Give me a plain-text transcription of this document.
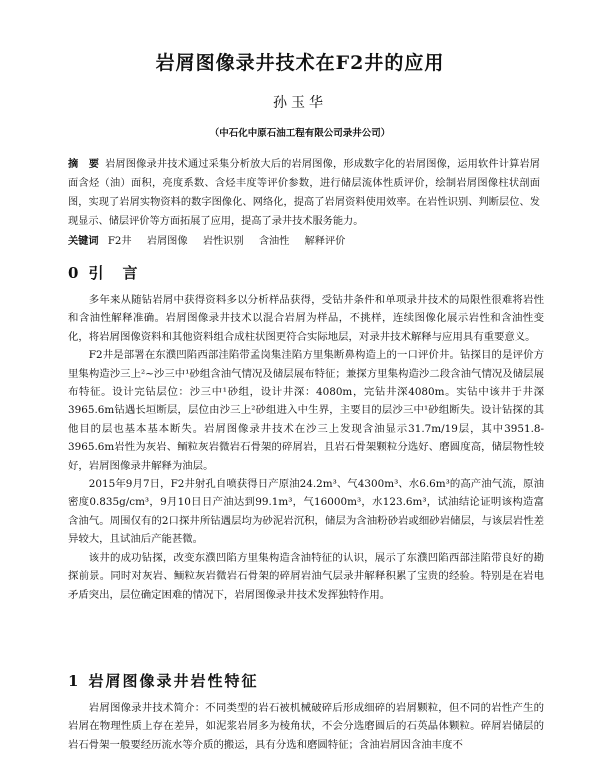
岩屑图像录井技术在F2井的应用
孙玉华
（中石化中原石油工程有限公司录井公司）
摘　要 岩屑图像录井技术通过采集分析放大后的岩屑图像，形成数字化的岩屑图像，运用软件计算岩屑面含烃（油）面积，亮度系数、含烃丰度等评价参数，进行储层流体性质评价，绘制岩屑图像柱状剖面图，实现了岩屑实物资料的数字图像化、网络化，提高了岩屑资料使用效率。在岩性识别、判断层位、发现显示、储层评价等方面拓展了应用，提高了录井技术服务能力。
关键词 F2井 岩屑图像 岩性识别 含油性 解释评价
0 引　言

多年来从随钻岩屑中获得资料多以分析样品获得，受钻井条件和单项录井技术的局限性很难将岩性和含油性解释准确。岩屑图像录井技术以混合岩屑为样品，不挑样，连续图像化展示岩性和含油性变化，将岩屑图像资料和其他资料组合成柱状图更符合实际地层，对录井技术解释与应用具有重要意义。

F2井是部署在东濮凹陷西部洼陷带孟岗集洼陷方里集断鼻构造上的一口评价井。钻探目的是评价方里集构造沙三上²~沙三中¹砂组含油气情况及储层展布特征；兼探方里集构造沙二段含油气情况及储层展布特征。设计完钻层位：沙三中¹砂组，设计井深：4080m，完钻井深4080m。实钻中该井于井深3965.6m钻遇长垣断层，层位由沙三上²砂组进入中生界，主要目的层沙三中¹砂组断失。设计钻探的其他目的层也基本基本断失。岩屑图像录井技术在沙三上发现含油显示31.7m/19层，其中3951.8-3965.6m岩性为灰岩、鲕粒灰岩微岩石骨架的碎屑岩，且岩石骨架颗粒分选好、磨圆度高，储层物性较好，岩屑图像录井解释为油层。

2015年9月7日，F2井射孔自喷获得日产原油24.2m³、气4300m³、水6.6m³的高产油气流，原油密度0.835g/cm³，9月10日日产油达到99.1m³，气16000m³，水123.6m³，试油结论证明该构造富含油气。周围仅有的2口探井所钻遇层均为砂泥岩沉积，储层为含油粉砂岩或细砂岩储层，与该层岩性差异较大，且试油后产能甚微。

该井的成功钻探，改变东濮凹陷方里集构造含油特征的认识，展示了东濮凹陷西部洼陷带良好的勘探前景。同时对灰岩、鲕粒灰岩微岩石骨架的碎屑岩油气层录井解释积累了宝贵的经验。特别是在岩电矛盾突出，层位确定困难的情况下，岩屑图像录井技术发挥独特作用。

1 岩屑图像录井岩性特征

岩屑图像录井技术简介：不同类型的岩石被机械破碎后形成细碎的岩屑颗粒，但不同的岩性产生的岩屑在物理性质上存在差异，如泥浆岩屑多为棱角状，不会分选磨圆后的石英晶体颗粒。碎屑岩储层的岩石骨架一般要经历流水等介质的搬运，具有分选和磨圆特征；含油岩屑因含油丰度不
